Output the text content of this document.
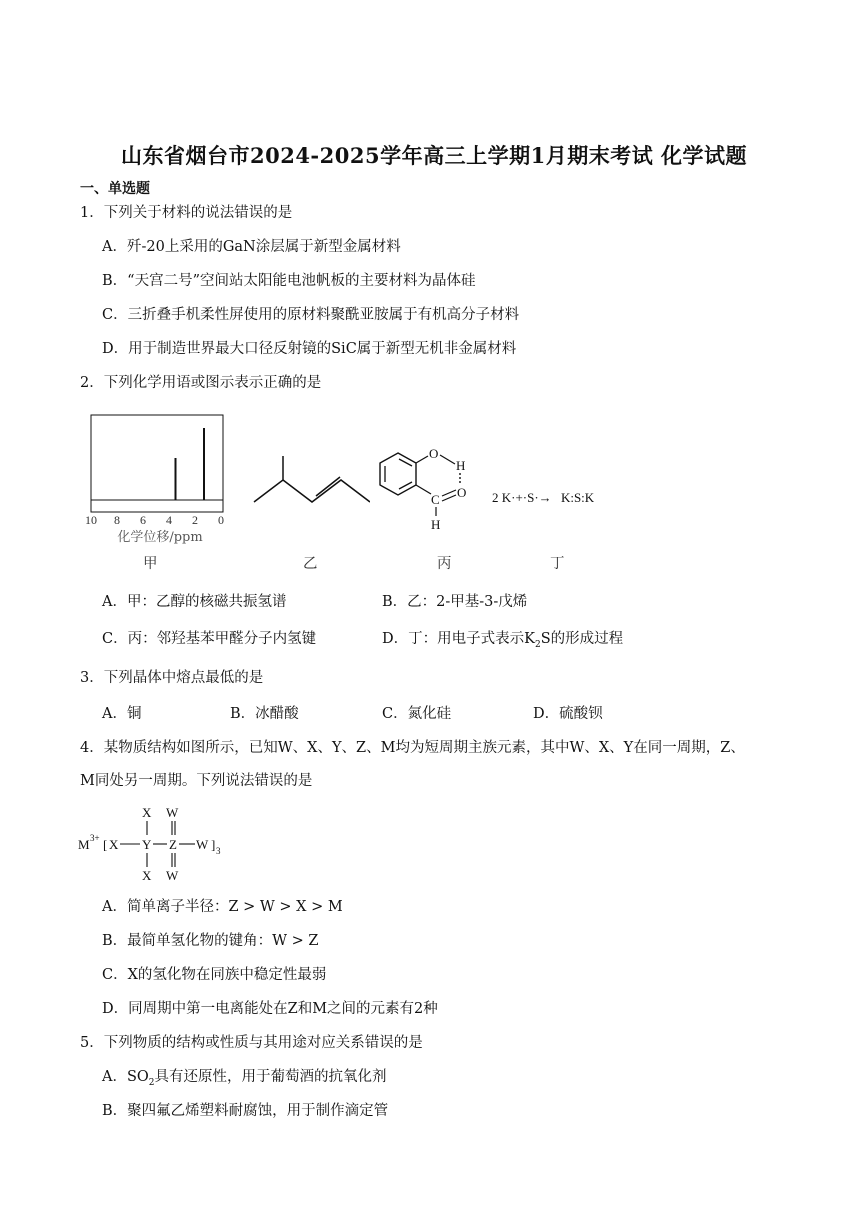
山东省烟台市2024-2025学年高三上学期1月期末考试 化学试题
一、单选题
1．下列关于材料的说法错误的是
A．歼-20上采用的GaN涂层属于新型金属材料
B．“天宫二号”空间站太阳能电池帆板的主要材料为晶体硅
C．三折叠手机柔性屏使用的原材料聚酰亚胺属于有机高分子材料
D．用于制造世界最大口径反射镜的SiC属于新型无机非金属材料
2．下列化学用语或图示表示正确的是
10 8 6 4 2 0
化学位移/ppm
O
H
O
C
H
2 K·+·S·→ K:S:K
甲	乙	丙	丁
A．甲：乙醇的核磁共振氢谱	B．乙：2-甲基-3-戊烯
C．丙：邻羟基苯甲醛分子内氢键	D．丁：用电子式表示$K_2S$的形成过程
3．下列晶体中熔点最低的是
A．铜	B．冰醋酸	C．氮化硅	D．硫酸钡
4．某物质结构如图所示，已知W、X、Y、Z、M均为短周期主族元素，其中W、X、Y在同一周期，Z、
M同处另一周期。下列说法错误的是
M 3+ [ X Y Z W ] 3
X W
X W
A．简单离子半径：Z > W > X > M
B．最简单氢化物的键角：W > Z
C．X的氢化物在同族中稳定性最弱
D．同周期中第一电离能处在Z和M之间的元素有2种
5．下列物质的结构或性质与其用途对应关系错误的是
A．$SO_2$具有还原性，用于葡萄酒的抗氧化剂
B．聚四氟乙烯塑料耐腐蚀，用于制作滴定管
